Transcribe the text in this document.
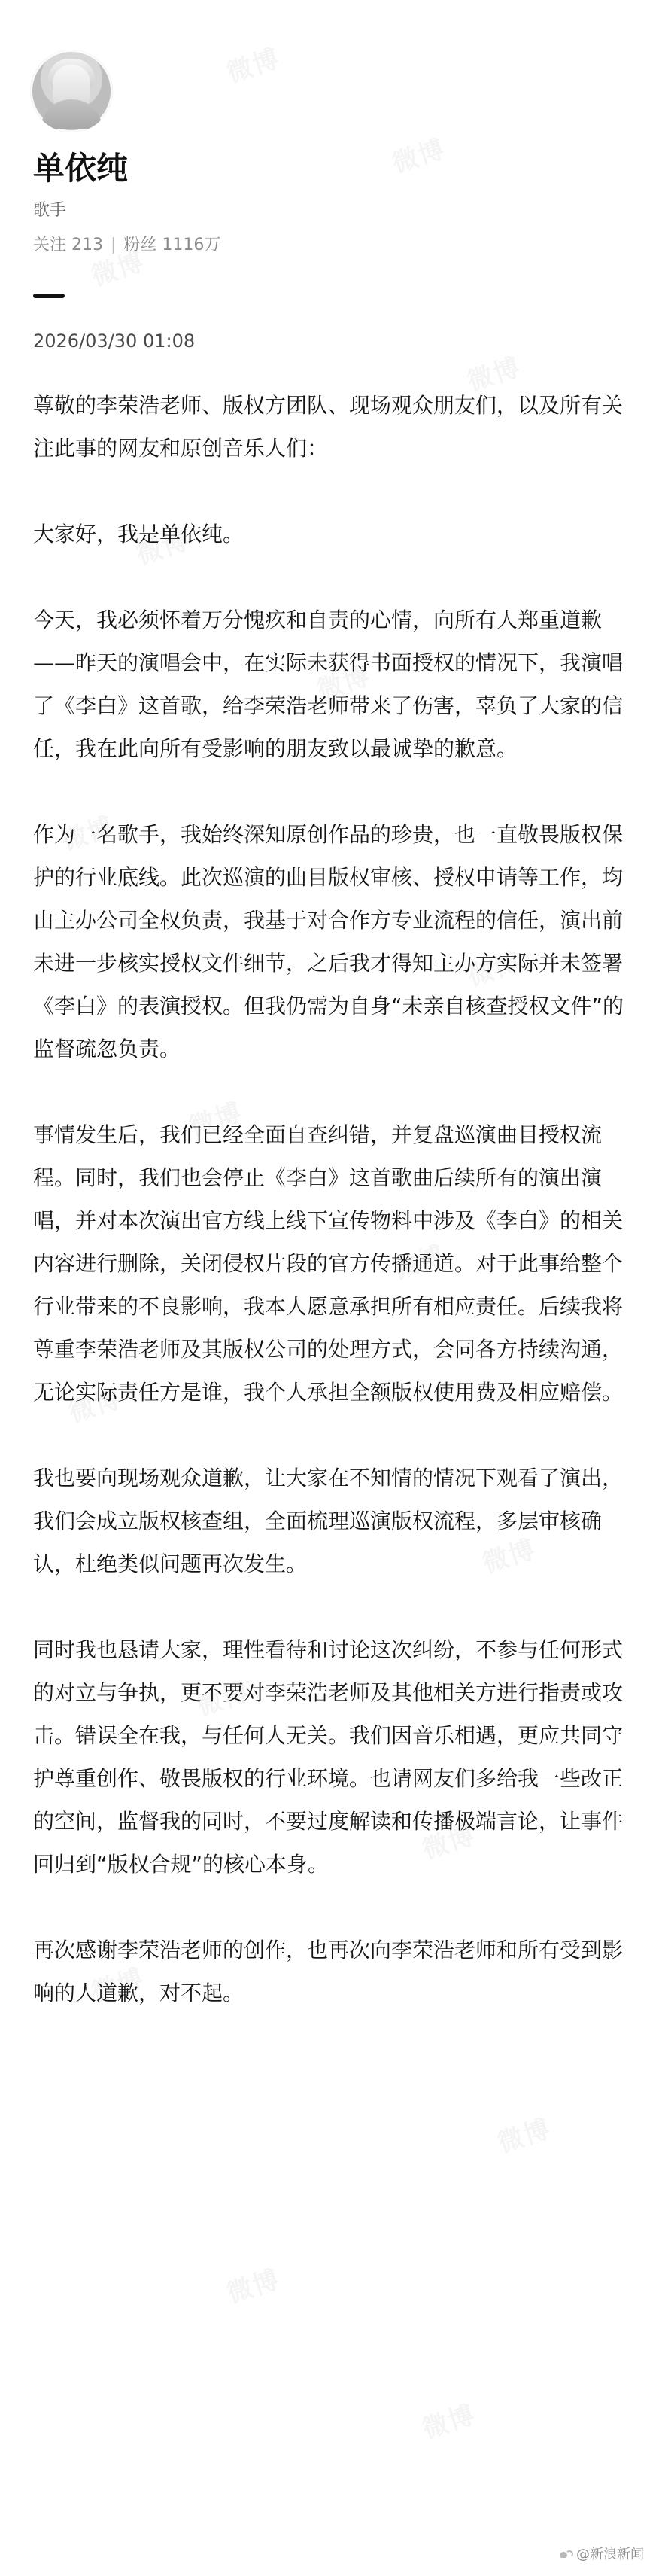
单依纯
歌手
关注 213 | 粉丝 1116万
2026/03/30 01:08

尊敬的李荣浩老师、版权方团队、现场观众朋友们，以及所有关注此事的网友和原创音乐人们：

大家好，我是单依纯。

今天，我必须怀着万分愧疚和自责的心情，向所有人郑重道歉——昨天的演唱会中，在实际未获得书面授权的情况下，我演唱了《李白》这首歌，给李荣浩老师带来了伤害，辜负了大家的信任，我在此向所有受影响的朋友致以最诚挚的歉意。

作为一名歌手，我始终深知原创作品的珍贵，也一直敬畏版权保护的行业底线。此次巡演的曲目版权审核、授权申请等工作，均由主办公司全权负责，我基于对合作方专业流程的信任，演出前未进一步核实授权文件细节，之后我才得知主办方实际并未签署《李白》的表演授权。但我仍需为自身“未亲自核查授权文件”的监督疏忽负责。

事情发生后，我们已经全面自查纠错，并复盘巡演曲目授权流程。同时，我们也会停止《李白》这首歌曲后续所有的演出演唱，并对本次演出官方线上线下宣传物料中涉及《李白》的相关内容进行删除，关闭侵权片段的官方传播通道。对于此事给整个行业带来的不良影响，我本人愿意承担所有相应责任。后续我将尊重李荣浩老师及其版权公司的处理方式，会同各方持续沟通，无论实际责任方是谁，我个人承担全额版权使用费及相应赔偿。

我也要向现场观众道歉，让大家在不知情的情况下观看了演出，我们会成立版权核查组，全面梳理巡演版权流程，多层审核确认，杜绝类似问题再次发生。

同时我也恳请大家，理性看待和讨论这次纠纷，不参与任何形式的对立与争执，更不要对李荣浩老师及其他相关方进行指责或攻击。错误全在我，与任何人无关。我们因音乐相遇，更应共同守护尊重创作、敬畏版权的行业环境。也请网友们多给我一些改正的空间，监督我的同时，不要过度解读和传播极端言论，让事件回归到“版权合规”的核心本身。

再次感谢李荣浩老师的创作，也再次向李荣浩老师和所有受到影响的人道歉，对不起。

@新浪新闻
